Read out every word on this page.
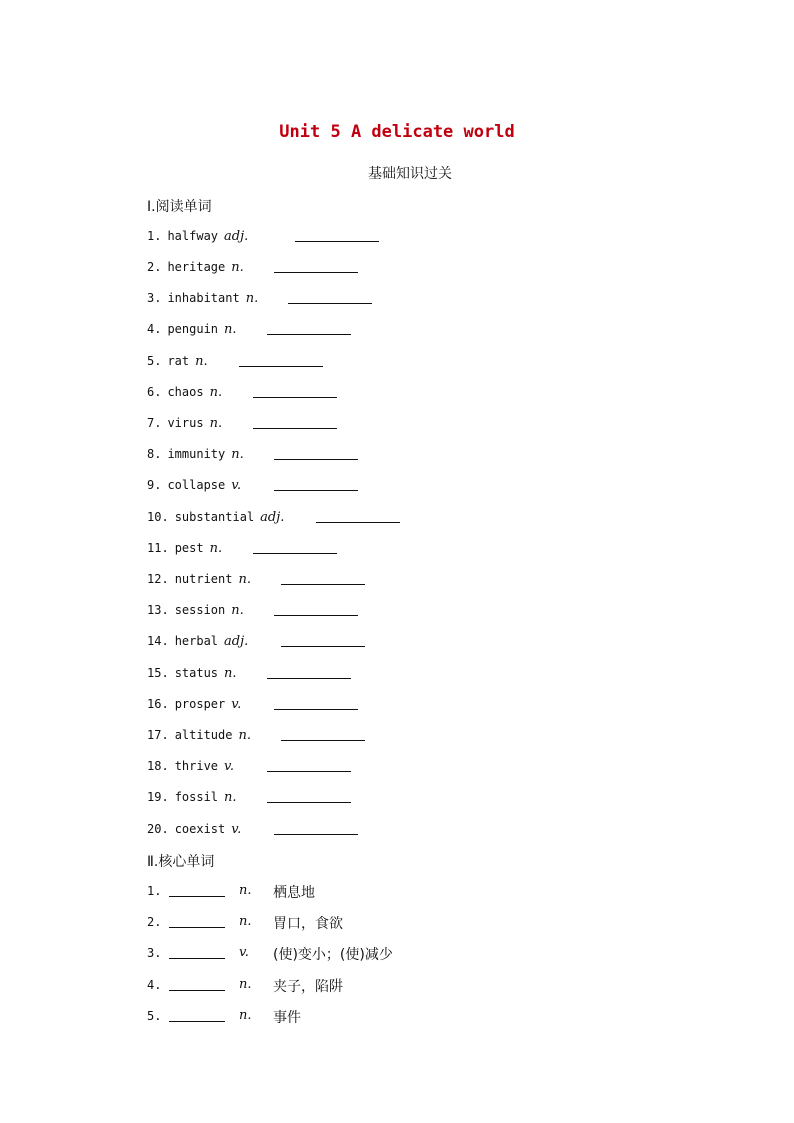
Unit 5 A delicate world
基础知识过关
Ⅰ.阅读单词
1. halfway adj.
2. heritage n.
3. inhabitant n.
4. penguin n.
5. rat n.
6. chaos n.
7. virus n.
8. immunity n.
9. collapse v.
10. substantial adj.
11. pest n.
12. nutrient n.
13. session n.
14. herbal adj.
15. status n.
16. prosper v.
17. altitude n.
18. thrive v.
19. fossil n.
20. coexist v.
Ⅱ.核心单词
1.	n. 栖息地
2.	n. 胃口，食欲
3.	v. (使)变小；(使)减少
4.	n. 夹子，陷阱
5.	n. 事件
